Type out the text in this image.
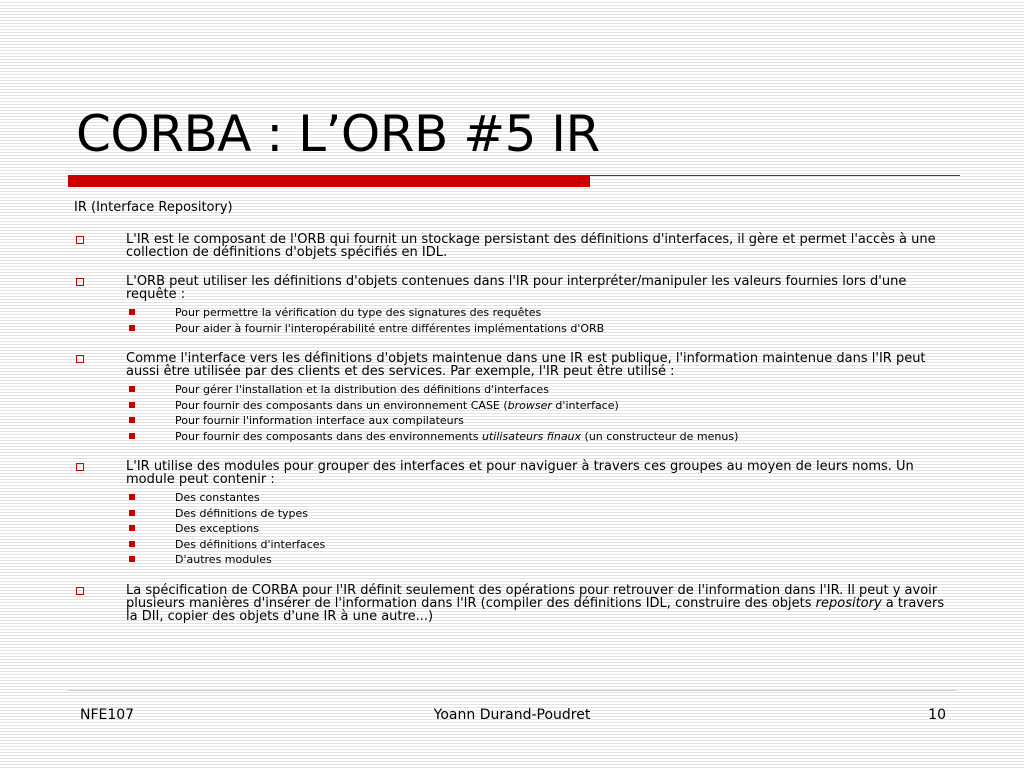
CORBA : L’ORB #5 IR

IR (Interface Repository)

L'IR est le composant de l'ORB qui fournit un stockage persistant des définitions d'interfaces, il gère et permet l'accès à une collection de définitions d'objets spécifiés en IDL.
L'ORB peut utiliser les définitions d'objets contenues dans l'IR pour interpréter/manipuler les valeurs fournies lors d'une requête :
Pour permettre la vérification du type des signatures des requêtes
Pour aider à fournir l'interopérabilité entre différentes implémentations d'ORB
Comme l'interface vers les définitions d'objets maintenue dans une IR est publique, l'information maintenue dans l'IR peut aussi être utilisée par des clients et des services. Par exemple, l'IR peut être utilisé :
Pour gérer l'installation et la distribution des définitions d'interfaces
Pour fournir des composants dans un environnement CASE (browser d'interface)
Pour fournir l'information interface aux compilateurs
Pour fournir des composants dans des environnements utilisateurs finaux (un constructeur de menus)
L'IR utilise des modules pour grouper des interfaces et pour naviguer à travers ces groupes au moyen de leurs noms. Un module peut contenir :
Des constantes
Des définitions de types
Des exceptions
Des définitions d'interfaces
D'autres modules
La spécification de CORBA pour l'IR définit seulement des opérations pour retrouver de l'information dans l'IR. Il peut y avoir plusieurs manières d'insérer de l'information dans l'IR (compiler des définitions IDL, construire des objets repository a travers la DII, copier des objets d'une IR à une autre...)
NFE107	Yoann Durand-Poudret	10
